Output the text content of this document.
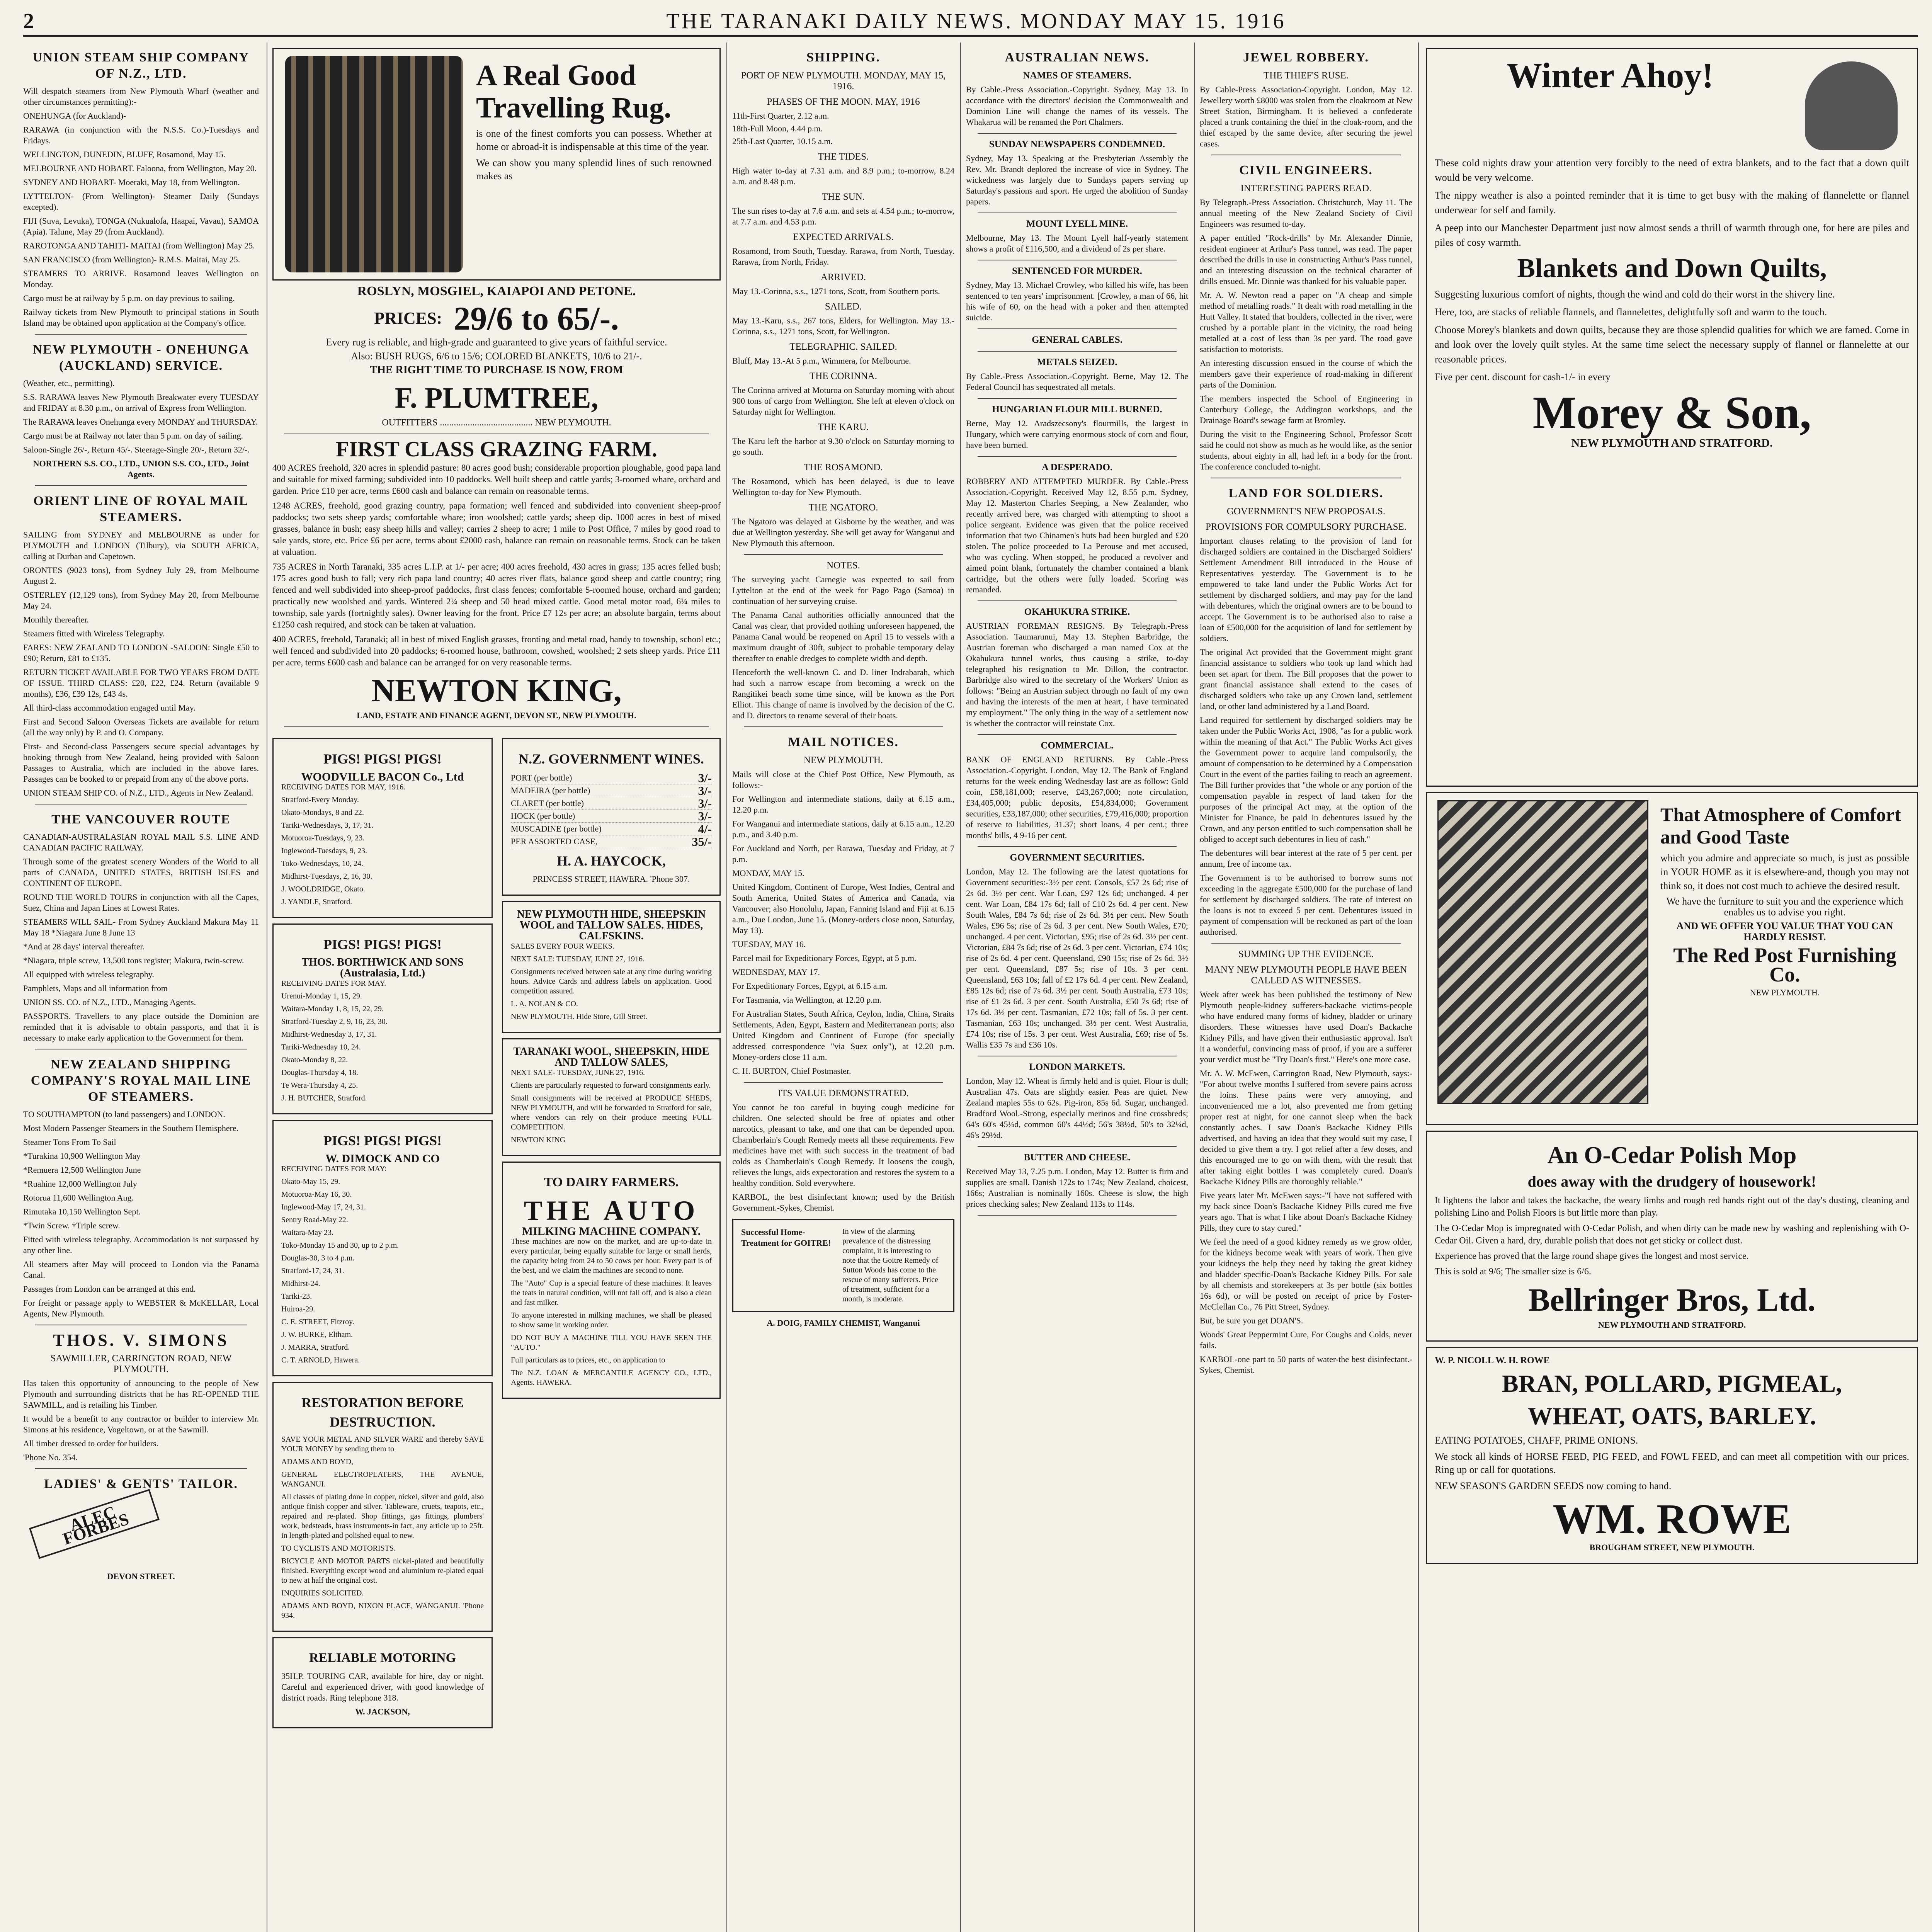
2	THE TARANAKI DAILY NEWS. MONDAY MAY 15. 1916
UNION STEAM SHIP COMPANY OF N.Z., LTD.

Will despatch steamers from New Plymouth Wharf (weather and other circumstances permitting):-

ONEHUNGA (for Auckland)-

RARAWA (in conjunction with the N.S.S. Co.)-Tuesdays and Fridays.

WELLINGTON, DUNEDIN, BLUFF, Rosamond, May 15.

MELBOURNE AND HOBART. Faloona, from Wellington, May 20.

SYDNEY AND HOBART- Moeraki, May 18, from Wellington.

LYTTELTON- (From Wellington)- Steamer Daily (Sundays excepted).

FIJI (Suva, Levuka), TONGA (Nukualofa, Haapai, Vavau), SAMOA (Apia). Talune, May 29 (from Auckland).

RAROTONGA AND TAHITI- MAITAI (from Wellington) May 25.

SAN FRANCISCO (from Wellington)- R.M.S. Maitai, May 25.

STEAMERS TO ARRIVE. Rosamond leaves Wellington on Monday.

Cargo must be at railway by 5 p.m. on day previous to sailing.

Railway tickets from New Plymouth to principal stations in South Island may be obtained upon application at the Company's office.

NEW PLYMOUTH - ONEHUNGA (AUCKLAND) SERVICE.

(Weather, etc., permitting).

S.S. RARAWA leaves New Plymouth Breakwater every TUESDAY and FRIDAY at 8.30 p.m., on arrival of Express from Wellington.

The RARAWA leaves Onehunga every MONDAY and THURSDAY.

Cargo must be at Railway not later than 5 p.m. on day of sailing.

Saloon-Single 26/-, Return 45/-. Steerage-Single 20/-, Return 32/-.

NORTHERN S.S. CO., LTD., UNION S.S. CO., LTD., Joint Agents.

ORIENT LINE OF ROYAL MAIL STEAMERS.

SAILING from SYDNEY and MELBOURNE as under for PLYMOUTH and LONDON (Tilbury), via SOUTH AFRICA, calling at Durban and Capetown.

ORONTES (9023 tons), from Sydney July 29, from Melbourne August 2.

OSTERLEY (12,129 tons), from Sydney May 20, from Melbourne May 24.

Monthly thereafter.

Steamers fitted with Wireless Telegraphy.

FARES: NEW ZEALAND TO LONDON -SALOON: Single £50 to £90; Return, £81 to £135.

RETURN TICKET AVAILABLE FOR TWO YEARS FROM DATE OF ISSUE. THIRD CLASS: £20, £22, £24. Return (available 9 months), £36, £39 12s, £43 4s.

All third-class accommodation engaged until May.

First and Second Saloon Overseas Tickets are available for return (all the way only) by P. and O. Company.

First- and Second-class Passengers secure special advantages by booking through from New Zealand, being provided with Saloon Passages to Australia, which are included in the above fares. Passages can be booked to or prepaid from any of the above ports.

UNION STEAM SHIP CO. of N.Z., LTD., Agents in New Zealand.

THE VANCOUVER ROUTE

CANADIAN-AUSTRALASIAN ROYAL MAIL S.S. LINE AND CANADIAN PACIFIC RAILWAY.

Through some of the greatest scenery Wonders of the World to all parts of CANADA, UNITED STATES, BRITISH ISLES and CONTINENT OF EUROPE.

ROUND THE WORLD TOURS in conjunction with all the Capes, Suez, China and Japan Lines at Lowest Rates.

STEAMERS WILL SAIL- From Sydney Auckland Makura May 11 May 18 *Niagara June 8 June 13

*And at 28 days' interval thereafter.

*Niagara, triple screw, 13,500 tons register; Makura, twin-screw.

All equipped with wireless telegraphy.

Pamphlets, Maps and all information from

UNION SS. CO. of N.Z., LTD., Managing Agents.

PASSPORTS. Travellers to any place outside the Dominion are reminded that it is advisable to obtain passports, and that it is necessary to make early application to the Government for them.

NEW ZEALAND SHIPPING COMPANY'S ROYAL MAIL LINE OF STEAMERS.

TO SOUTHAMPTON (to land passengers) and LONDON.

Most Modern Passenger Steamers in the Southern Hemisphere.

Steamer Tons From To Sail

*Turakina 10,900 Wellington May

*Remuera 12,500 Wellington June

*Ruahine 12,000 Wellington July

Rotorua 11,600 Wellington Aug.

Rimutaka 10,150 Wellington Sept.

*Twin Screw. †Triple screw.

Fitted with wireless telegraphy. Accommodation is not surpassed by any other line.

All steamers after May will proceed to London via the Panama Canal.

Passages from London can be arranged at this end.

For freight or passage apply to WEBSTER & McKELLAR, Local Agents, New Plymouth.

THOS. V. SIMONS
SAWMILLER, CARRINGTON ROAD, NEW PLYMOUTH.

Has taken this opportunity of announcing to the people of New Plymouth and surrounding districts that he has RE-OPENED THE SAWMILL, and is retailing his Timber.

It would be a benefit to any contractor or builder to interview Mr. Simons at his residence, Vogeltown, or at the Sawmill.

All timber dressed to order for builders.

'Phone No. 354.

LADIES' & GENTS' TAILOR.
ALEC FORBES

DEVON STREET.

A Real Good Travelling Rug.

is one of the finest comforts you can possess. Whether at home or abroad-it is indispensable at this time of the year.

We can show you many splendid lines of such renowned makes as

ROSLYN, MOSGIEL, KAIAPOI AND PETONE.

PRICES: 29/6 to 65/-.

Every rug is reliable, and high-grade and guaranteed to give years of faithful service.

Also: BUSH RUGS, 6/6 to 15/6; COLORED BLANKETS, 10/6 to 21/-.

THE RIGHT TIME TO PURCHASE IS NOW, FROM

F. PLUMTREE,

OUTFITTERS ........................................ NEW PLYMOUTH.

FIRST CLASS GRAZING FARM.

400 ACRES freehold, 320 acres in splendid pasture: 80 acres good bush; considerable proportion ploughable, good papa land and suitable for mixed farming; subdivided into 10 paddocks. Well built sheep and cattle yards; 3-roomed whare, orchard and garden. Price £10 per acre, terms £600 cash and balance can remain on reasonable terms.

1248 ACRES, freehold, good grazing country, papa formation; well fenced and subdivided into convenient sheep-proof paddocks; two sets sheep yards; comfortable whare; iron woolshed; cattle yards; sheep dip. 1000 acres in best of mixed grasses, balance in bush; easy sheep hills and valley; carries 2 sheep to acre; 1 mile to Post Office, 7 miles by good road to sale yards, store, etc. Price £6 per acre, terms about £2000 cash, balance can remain on reasonable terms. Stock can be taken at valuation.

735 ACRES in North Taranaki, 335 acres L.I.P. at 1/- per acre; 400 acres freehold, 430 acres in grass; 135 acres felled bush; 175 acres good bush to fall; very rich papa land country; 40 acres river flats, balance good sheep and cattle country; ring fenced and well subdivided into sheep-proof paddocks, first class fences; comfortable 5-roomed house, orchard and garden; practically new woolshed and yards. Wintered 2¼ sheep and 50 head mixed cattle. Good metal motor road, 6¼ miles to township, sale yards (fortnightly sales). Owner leaving for the front. Price £7 12s per acre; an absolute bargain, terms about £1250 cash required, and stock can be taken at valuation.

400 ACRES, freehold, Taranaki; all in best of mixed English grasses, fronting and metal road, handy to township, school etc.; well fenced and subdivided into 20 paddocks; 6-roomed house, bathroom, cowshed, woolshed; 2 sets sheep yards. Price £11 per acre, terms £600 cash and balance can be arranged for on very reasonable terms.

NEWTON KING,

LAND, ESTATE AND FINANCE AGENT, DEVON ST., NEW PLYMOUTH.

PIGS! PIGS! PIGS!
WOODVILLE BACON Co., Ltd

RECEIVING DATES FOR MAY, 1916.

Stratford-Every Monday.

Okato-Mondays, 8 and 22.

Tariki-Wednesdays, 3, 17, 31.

Motuoroa-Tuesdays, 9, 23.

Inglewood-Tuesdays, 9, 23.

Toko-Wednesdays, 10, 24.

Midhirst-Tuesdays, 2, 16, 30.

J. WOOLDRIDGE, Okato.

J. YANDLE, Stratford.

PIGS! PIGS! PIGS!
THOS. BORTHWICK AND SONS (Australasia, Ltd.)

RECEIVING DATES FOR MAY.

Urenui-Monday 1, 15, 29.

Waitara-Monday 1, 8, 15, 22, 29.

Stratford-Tuesday 2, 9, 16, 23, 30.

Midhirst-Wednesday 3, 17, 31.

Tariki-Wednesday 10, 24.

Okato-Monday 8, 22.

Douglas-Thursday 4, 18.

Te Wera-Thursday 4, 25.

J. H. BUTCHER, Stratford.

PIGS! PIGS! PIGS!
W. DIMOCK AND CO

RECEIVING DATES FOR MAY:

Okato-May 15, 29.

Motuoroa-May 16, 30.

Inglewood-May 17, 24, 31.

Sentry Road-May 22.

Waitara-May 23.

Toko-Monday 15 and 30, up to 2 p.m.

Douglas-30, 3 to 4 p.m.

Stratford-17, 24, 31.

Midhirst-24.

Tariki-23.

Huiroa-29.

C. E. STREET, Fitzroy.

J. W. BURKE, Eltham.

J. MARRA, Stratford.

C. T. ARNOLD, Hawera.

RESTORATION BEFORE DESTRUCTION.

SAVE YOUR METAL AND SILVER WARE and thereby SAVE YOUR MONEY by sending them to

ADAMS AND BOYD,

GENERAL ELECTROPLATERS, THE AVENUE, WANGANUI.

All classes of plating done in copper, nickel, silver and gold, also antique finish copper and silver. Tableware, cruets, teapots, etc., repaired and re-plated. Shop fittings, gas fittings, plumbers' work, bedsteads, brass instruments-in fact, any article up to 25ft. in length-plated and polished equal to new.

TO CYCLISTS AND MOTORISTS.

BICYCLE AND MOTOR PARTS nickel-plated and beautifully finished. Everything except wood and aluminium re-plated equal to new at half the original cost.

INQUIRIES SOLICITED.

ADAMS AND BOYD, NIXON PLACE, WANGANUI. 'Phone 934.

RELIABLE MOTORING

35H.P. TOURING CAR, available for hire, day or night. Careful and experienced driver, with good knowledge of district roads. Ring telephone 318.

W. JACKSON,

N.Z. GOVERNMENT WINES.
PORT (per bottle)	3/-
MADEIRA (per bottle)	3/-
CLARET (per bottle)	3/-
HOCK (per bottle)	3/-
MUSCADINE (per bottle)	4/-
PER ASSORTED CASE,	35/-
H. A. HAYCOCK,

PRINCESS STREET, HAWERA. 'Phone 307.

NEW PLYMOUTH HIDE, SHEEPSKIN WOOL and TALLOW SALES. HIDES, CALFSKINS.

SALES EVERY FOUR WEEKS.

NEXT SALE: TUESDAY, JUNE 27, 1916.

Consignments received between sale at any time during working hours. Advice Cards and address labels on application. Good competition assured.

L. A. NOLAN & CO.

NEW PLYMOUTH. Hide Store, Gill Street.

TARANAKI WOOL, SHEEPSKIN, HIDE AND TALLOW SALES,

NEXT SALE- TUESDAY, JUNE 27, 1916.

Clients are particularly requested to forward consignments early.

Small consignments will be received at PRODUCE SHEDS, NEW PLYMOUTH, and will be forwarded to Stratford for sale, where vendors can rely on their produce meeting FULL COMPETITION.

NEWTON KING

TO DAIRY FARMERS.
THE AUTO
MILKING MACHINE COMPANY.

These machines are now on the market, and are up-to-date in every particular, being equally suitable for large or small herds, the capacity being from 24 to 50 cows per hour. Every part is of the best, and we claim the machines are second to none.

The "Auto" Cup is a special feature of these machines. It leaves the teats in natural condition, will not fall off, and is also a clean and fast milker.

To anyone interested in milking machines, we shall be pleased to show same in working order.

DO NOT BUY A MACHINE TILL YOU HAVE SEEN THE "AUTO."

Full particulars as to prices, etc., on application to

The N.Z. LOAN & MERCANTILE AGENCY CO., LTD., Agents. HAWERA.

SHIPPING.
PORT OF NEW PLYMOUTH. MONDAY, MAY 15, 1916.
PHASES OF THE MOON. MAY, 1916
11th-First Quarter, 2.12 a.m.
18th-Full Moon, 4.44 p.m.
25th-Last Quarter, 10.15 a.m.
THE TIDES.

High water to-day at 7.31 a.m. and 8.9 p.m.; to-morrow, 8.24 a.m. and 8.48 p.m.

THE SUN.

The sun rises to-day at 7.6 a.m. and sets at 4.54 p.m.; to-morrow, at 7.7 a.m. and 4.53 p.m.

EXPECTED ARRIVALS.

Rosamond, from South, Tuesday. Rarawa, from North, Tuesday. Rarawa, from North, Friday.

ARRIVED.

May 13.-Corinna, s.s., 1271 tons, Scott, from Southern ports.

SAILED.

May 13.-Karu, s.s., 267 tons, Elders, for Wellington. May 13.-Corinna, s.s., 1271 tons, Scott, for Wellington.

TELEGRAPHIC. SAILED.

Bluff, May 13.-At 5 p.m., Wimmera, for Melbourne.

THE CORINNA.

The Corinna arrived at Moturoa on Saturday morning with about 900 tons of cargo from Wellington. She left at eleven o'clock on Saturday night for Wellington.

THE KARU.

The Karu left the harbor at 9.30 o'clock on Saturday morning to go south.

THE ROSAMOND.

The Rosamond, which has been delayed, is due to leave Wellington to-day for New Plymouth.

THE NGATORO.

The Ngatoro was delayed at Gisborne by the weather, and was due at Wellington yesterday. She will get away for Wanganui and New Plymouth this afternoon.

NOTES.

The surveying yacht Carnegie was expected to sail from Lyttelton at the end of the week for Pago Pago (Samoa) in continuation of her surveying cruise.

The Panama Canal authorities officially announced that the Canal was clear, that provided nothing unforeseen happened, the Panama Canal would be reopened on April 15 to vessels with a maximum draught of 30ft, subject to probable temporary delay thereafter to enable dredges to complete width and depth.

Henceforth the well-known C. and D. liner Indrabarah, which had such a narrow escape from becoming a wreck on the Rangitikei beach some time since, will be known as the Port Elliot. This change of name is involved by the decision of the C. and D. directors to rename several of their boats.

MAIL NOTICES.
NEW PLYMOUTH.

Mails will close at the Chief Post Office, New Plymouth, as follows:-

For Wellington and intermediate stations, daily at 6.15 a.m., 12.20 p.m.

For Wanganui and intermediate stations, daily at 6.15 a.m., 12.20 p.m., and 3.40 p.m.

For Auckland and North, per Rarawa, Tuesday and Friday, at 7 p.m.

MONDAY, MAY 15.

United Kingdom, Continent of Europe, West Indies, Central and South America, United States of America and Canada, via Vancouver; also Honolulu, Japan, Fanning Island and Fiji at 6.15 a.m., Due London, June 15. (Money-orders close noon, Saturday, May 13).

TUESDAY, MAY 16.

Parcel mail for Expeditionary Forces, Egypt, at 5 p.m.

WEDNESDAY, MAY 17.

For Expeditionary Forces, Egypt, at 6.15 a.m.

For Tasmania, via Wellington, at 12.20 p.m.

For Australian States, South Africa, Ceylon, India, China, Straits Settlements, Aden, Egypt, Eastern and Mediterranean ports; also United Kingdom and Continent of Europe (for specially addressed correspondence "via Suez only"), at 12.20 p.m. Money-orders close 11 a.m.

C. H. BURTON, Chief Postmaster.

ITS VALUE DEMONSTRATED.

You cannot be too careful in buying cough medicine for children. One selected should be free of opiates and other narcotics, pleasant to take, and one that can be depended upon. Chamberlain's Cough Remedy meets all these requirements. Few medicines have met with such success in the treatment of bad colds as Chamberlain's Cough Remedy. It loosens the cough, relieves the lungs, aids expectoration and restores the system to a healthy condition. Sold everywhere.

KARBOL, the best disinfectant known; used by the British Government.-Sykes, Chemist.

Successful Home-Treatment for GOITRE!
In view of the alarming prevalence of the distressing complaint, it is interesting to note that the Goitre Remedy of Sutton Woods has come to the rescue of many sufferers. Price of treatment, sufficient for a month, is moderate.

A. DOIG, FAMILY CHEMIST, Wanganui

AUSTRALIAN NEWS.
NAMES OF STEAMERS.

By Cable.-Press Association.-Copyright. Sydney, May 13. In accordance with the directors' decision the Commonwealth and Dominion Line will change the names of its vessels. The Whakarua will be renamed the Port Chalmers.

SUNDAY NEWSPAPERS CONDEMNED.

Sydney, May 13. Speaking at the Presbyterian Assembly the Rev. Mr. Brandt deplored the increase of vice in Sydney. The wickedness was largely due to Sundays papers serving up Saturday's passions and sport. He urged the abolition of Sunday papers.

MOUNT LYELL MINE.

Melbourne, May 13. The Mount Lyell half-yearly statement shows a profit of £116,500, and a dividend of 2s per share.

SENTENCED FOR MURDER.

Sydney, May 13. Michael Crowley, who killed his wife, has been sentenced to ten years' imprisonment. [Crowley, a man of 66, hit his wife of 60, on the head with a poker and then attempted suicide.

GENERAL CABLES.

METALS SEIZED.

By Cable.-Press Association.-Copyright. Berne, May 12. The Federal Council has sequestrated all metals.

HUNGARIAN FLOUR MILL BURNED.

Berne, May 12. Aradszecsony's flourmills, the largest in Hungary, which were carrying enormous stock of corn and flour, have been burned.

A DESPERADO.

ROBBERY AND ATTEMPTED MURDER. By Cable.-Press Association.-Copyright. Received May 12, 8.55 p.m. Sydney, May 12. Masterton Charles Seeping, a New Zealander, who recently arrived here, was charged with attempting to shoot a police sergeant. Evidence was given that the police received information that two Chinamen's huts had been burgled and £20 stolen. The police proceeded to La Perouse and met accused, who was cycling. When stopped, he produced a revolver and aimed point blank, fortunately the chamber contained a blank cartridge, but the others were fully loaded. Scoring was remanded.

OKAHUKURA STRIKE.

AUSTRIAN FOREMAN RESIGNS. By Telegraph.-Press Association. Taumarunui, May 13. Stephen Barbridge, the Austrian foreman who discharged a man named Cox at the Okahukura tunnel works, thus causing a strike, to-day telegraphed his resignation to Mr. Dillon, the contractor. Barbridge also wired to the secretary of the Workers' Union as follows: "Being an Austrian subject through no fault of my own and having the interests of the men at heart, I have terminated my employment." The only thing in the way of a settlement now is whether the contractor will reinstate Cox.

COMMERCIAL.

BANK OF ENGLAND RETURNS. By Cable.-Press Association.-Copyright. London, May 12. The Bank of England returns for the week ending Wednesday last are as follow: Gold coin, £58,181,000; reserve, £43,267,000; note circulation, £34,405,000; public deposits, £54,834,000; Government securities, £33,187,000; other securities, £79,416,000; proportion of reserve to liabilities, 31.37; short loans, 4 per cent.; three months' bills, 4 9-16 per cent.

GOVERNMENT SECURITIES.

London, May 12. The following are the latest quotations for Government securities:-3½ per cent. Consols, £57 2s 6d; rise of 2s 6d. 3½ per cent. War Loan, £97 12s 6d; unchanged. 4 per cent. War Loan, £84 17s 6d; fall of £10 2s 6d. 4 per cent. New South Wales, £84 7s 6d; rise of 2s 6d. 3½ per cent. New South Wales, £96 5s; rise of 2s 6d. 3 per cent. New South Wales, £70; unchanged. 4 per cent. Victorian, £95; rise of 2s 6d. 3½ per cent. Victorian, £84 7s 6d; rise of 2s 6d. 3 per cent. Victorian, £74 10s; rise of 2s 6d. 4 per cent. Queensland, £90 15s; rise of 2s 6d. 3½ per cent. Queensland, £87 5s; rise of 10s. 3 per cent. Queensland, £63 10s; fall of £2 17s 6d. 4 per cent. New Zealand, £85 12s 6d; rise of 7s 6d. 3½ per cent. South Australia, £73 10s; rise of £1 2s 6d. 3 per cent. South Australia, £50 7s 6d; rise of 17s 6d. 3½ per cent. Tasmanian, £72 10s; fall of 5s. 3 per cent. Tasmanian, £63 10s; unchanged. 3½ per cent. West Australia, £74 10s; rise of 15s. 3 per cent. West Australia, £69; rise of 5s. Wallis £35 7s and £36 10s.

LONDON MARKETS.

London, May 12. Wheat is firmly held and is quiet. Flour is dull; Australian 47s. Oats are slightly easier. Peas are quiet. New Zealand maples 55s to 62s. Pig-iron, 85s 6d. Sugar, unchanged. Bradford Wool.-Strong, especially merinos and fine crossbreds; 64's 60's 45¼d, common 60's 44½d; 56's 38½d, 50's to 32¼d, 46's 29½d.

BUTTER AND CHEESE.

Received May 13, 7.25 p.m. London, May 12. Butter is firm and supplies are small. Danish 172s to 174s; New Zealand, choicest, 166s; Australian is nominally 160s. Cheese is slow, the high prices checking sales; New Zealand 113s to 114s.

JEWEL ROBBERY.
THE THIEF'S RUSE.

By Cable-Press Association-Copyright. London, May 12. Jewellery worth £8000 was stolen from the cloakroom at New Street Station, Birmingham. It is believed a confederate placed a trunk containing the thief in the cloak-room, and the thief escaped by the same device, after securing the jewel cases.

CIVIL ENGINEERS.
INTERESTING PAPERS READ.

By Telegraph.-Press Association. Christchurch, May 11. The annual meeting of the New Zealand Society of Civil Engineers was resumed to-day.

A paper entitled "Rock-drills" by Mr. Alexander Dinnie, resident engineer at Arthur's Pass tunnel, was read. The paper described the drills in use in constructing Arthur's Pass tunnel, and an interesting discussion on the technical character of drills ensued. Mr. Dinnie was thanked for his valuable paper.

Mr. A. W. Newton read a paper on "A cheap and simple method of metalling roads." It dealt with road metalling in the Hutt Valley. It stated that boulders, collected in the river, were crushed by a portable plant in the vicinity, the road being metalled at a cost of less than 3s per yard. The road gave satisfaction to motorists.

An interesting discussion ensued in the course of which the members gave their experience of road-making in different parts of the Dominion.

The members inspected the School of Engineering in Canterbury College, the Addington workshops, and the Drainage Board's sewage farm at Bromley.

During the visit to the Engineering School, Professor Scott said he could not show as much as he would like, as the senior students, about eighty in all, had left in a body for the front. The conference concluded to-night.

LAND FOR SOLDIERS.
GOVERNMENT'S NEW PROPOSALS.
PROVISIONS FOR COMPULSORY PURCHASE.

Important clauses relating to the provision of land for discharged soldiers are contained in the Discharged Soldiers' Settlement Amendment Bill introduced in the House of Representatives yesterday. The Government is to be empowered to take land under the Public Works Act for settlement by discharged soldiers, and may pay for the land with debentures, which the original owners are to be bound to accept. The Government is to be authorised also to raise a loan of £500,000 for the acquisition of land for settlement by soldiers.

The original Act provided that the Government might grant financial assistance to soldiers who took up land which had been set apart for them. The Bill proposes that the power to grant financial assistance shall extend to the cases of discharged soldiers who take up any Crown land, settlement land, or other land administered by a Land Board.

Land required for settlement by discharged soldiers may be taken under the Public Works Act, 1908, "as for a public work within the meaning of that Act." The Public Works Act gives the Government power to acquire land compulsorily, the amount of compensation to be determined by a Compensation Court in the event of the parties failing to reach an agreement. The Bill further provides that "the whole or any portion of the compensation payable in respect of land taken for the purposes of the principal Act may, at the option of the Minister for Finance, be paid in debentures issued by the Crown, and any person entitled to such compensation shall be obliged to accept such debentures in lieu of cash."

The debentures will bear interest at the rate of 5 per cent. per annum, free of income tax.

The Government is to be authorised to borrow sums not exceeding in the aggregate £500,000 for the purchase of land for settlement by discharged soldiers. The rate of interest on the loans is not to exceed 5 per cent. Debentures issued in payment of compensation will be reckoned as part of the loan authorised.

SUMMING UP THE EVIDENCE.
MANY NEW PLYMOUTH PEOPLE HAVE BEEN CALLED AS WITNESSES.

Week after week has been published the testimony of New Plymouth people-kidney sufferers-backache victims-people who have endured many forms of kidney, bladder or urinary disorders. These witnesses have used Doan's Backache Kidney Pills, and have given their enthusiastic approval. Isn't it a wonderful, convincing mass of proof, if you are a sufferer your verdict must be "Try Doan's first." Here's one more case.

Mr. A. W. McEwen, Carrington Road, New Plymouth, says:-"For about twelve months I suffered from severe pains across the loins. These pains were very annoying, and inconvenienced me a lot, also prevented me from getting proper rest at night, for one cannot sleep when the back constantly aches. I saw Doan's Backache Kidney Pills advertised, and having an idea that they would suit my case, I decided to give them a try. I got relief after a few doses, and this encouraged me to go on with them, with the result that after taking eight bottles I was completely cured. Doan's Backache Kidney Pills are thoroughly reliable."

Five years later Mr. McEwen says:-"I have not suffered with my back since Doan's Backache Kidney Pills cured me five years ago. That is what I like about Doan's Backache Kidney Pills, they cure to stay cured."

We feel the need of a good kidney remedy as we grow older, for the kidneys become weak with years of work. Then give your kidneys the help they need by taking the great kidney and bladder specific-Doan's Backache Kidney Pills. For sale by all chemists and storekeepers at 3s per bottle (six bottles 16s 6d), or will be posted on receipt of price by Foster-McClellan Co., 76 Pitt Street, Sydney.

But, be sure you get DOAN'S.

Woods' Great Peppermint Cure, For Coughs and Colds, never fails.

KARBOL-one part to 50 parts of water-the best disinfectant.-Sykes, Chemist.

Winter Ahoy!

These cold nights draw your attention very forcibly to the need of extra blankets, and to the fact that a down quilt would be very welcome.

The nippy weather is also a pointed reminder that it is time to get busy with the making of flannelette or flannel underwear for self and family.

A peep into our Manchester Department just now almost sends a thrill of warmth through one, for here are piles and piles of cosy warmth.

Blankets and Down Quilts,

Suggesting luxurious comfort of nights, though the wind and cold do their worst in the shivery line.

Here, too, are stacks of reliable flannels, and flannelettes, delightfully soft and warm to the touch.

Choose Morey's blankets and down quilts, because they are those splendid qualities for which we are famed. Come in and look over the lovely quilt styles. At the same time select the necessary supply of flannel or flannelette at our reasonable prices.

Five per cent. discount for cash-1/- in every

Morey & Son,

NEW PLYMOUTH AND STRATFORD.

That Atmosphere of Comfort and Good Taste

which you admire and appreciate so much, is just as possible in YOUR HOME as it is elsewhere-and, though you may not think so, it does not cost much to achieve the desired result.

We have the furniture to suit you and the experience which enables us to advise you right.

AND WE OFFER YOU VALUE THAT YOU CAN HARDLY RESIST.

The Red Post Furnishing Co.

NEW PLYMOUTH.

An O-Cedar Polish Mop
does away with the drudgery of housework!

It lightens the labor and takes the backache, the weary limbs and rough red hands right out of the day's dusting, cleaning and polishing Lino and Polish Floors is but little more than play.

The O-Cedar Mop is impregnated with O-Cedar Polish, and when dirty can be made new by washing and replenishing with O-Cedar Oil. Given a hard, dry, durable polish that does not get sticky or collect dust.

Experience has proved that the large round shape gives the longest and most service.

This is sold at 9/6; The smaller size is 6/6.

Bellringer Bros, Ltd.

NEW PLYMOUTH AND STRATFORD.

W. P. NICOLL W. H. ROWE

BRAN, POLLARD, PIGMEAL,
WHEAT, OATS, BARLEY.

EATING POTATOES, CHAFF, PRIME ONIONS.

We stock all kinds of HORSE FEED, PIG FEED, and FOWL FEED, and can meet all competition with our prices. Ring up or call for quotations.

NEW SEASON'S GARDEN SEEDS now coming to hand.

WM. ROWE

BROUGHAM STREET, NEW PLYMOUTH.
